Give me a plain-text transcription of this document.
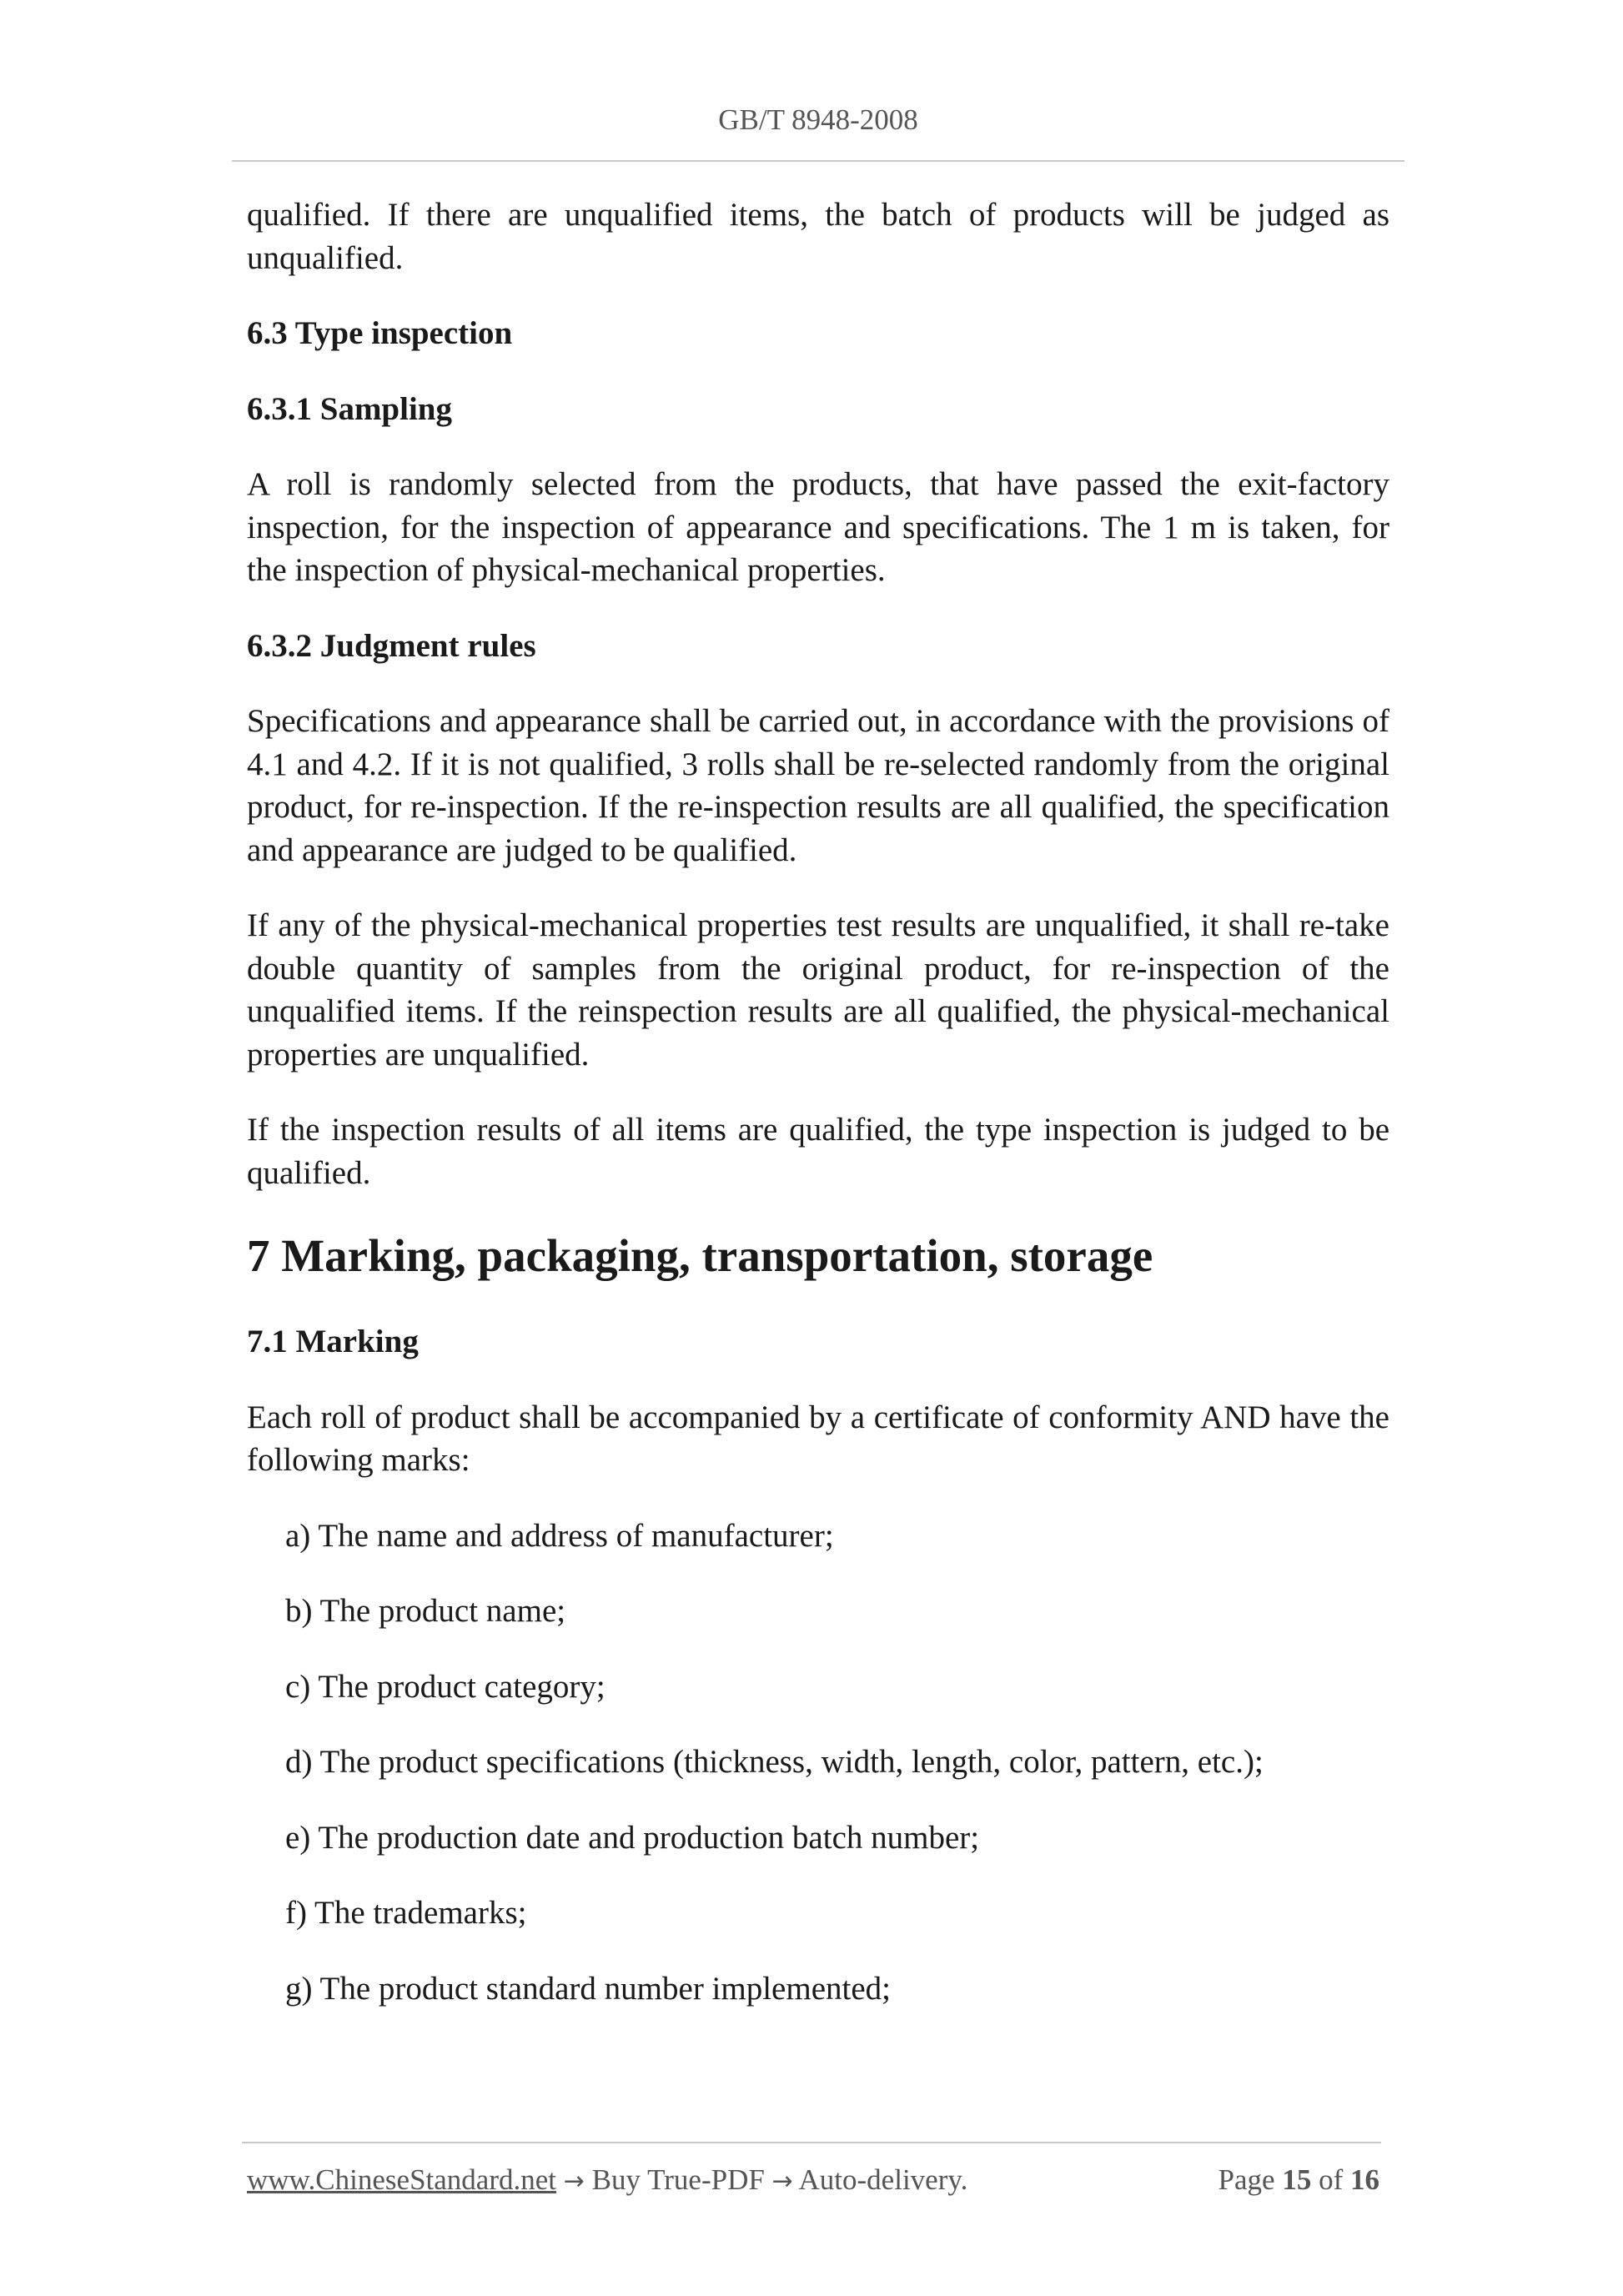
GB/T 8948-2008

qualified. If there are unqualified items, the batch of products will be judged as unqualified.

6.3 Type inspection
6.3.1 Sampling

A roll is randomly selected from the products, that have passed the exit-factory inspection, for the inspection of appearance and specifications. The 1 m is taken, for the inspection of physical-mechanical properties.

6.3.2 Judgment rules

Specifications and appearance shall be carried out, in accordance with the provisions of 4.1 and 4.2. If it is not qualified, 3 rolls shall be re-selected randomly from the original product, for re-inspection. If the re-inspection results are all qualified, the specification and appearance are judged to be qualified.

If any of the physical-mechanical properties test results are unqualified, it shall re-take double quantity of samples from the original product, for re-inspection of the unqualified items. If the reinspection results are all qualified, the physical-mechanical properties are unqualified.

If the inspection results of all items are qualified, the type inspection is judged to be qualified.

7 Marking, packaging, transportation, storage
7.1 Marking

Each roll of product shall be accompanied by a certificate of conformity AND have the following marks:

a) The name and address of manufacturer;
b) The product name;
c) The product category;
d) The product specifications (thickness, width, length, color, pattern, etc.);
e) The production date and production batch number;
f) The trademarks;
g) The product standard number implemented;
www.ChineseStandard.net → Buy True-PDF → Auto-delivery.	Page 15 of 16
